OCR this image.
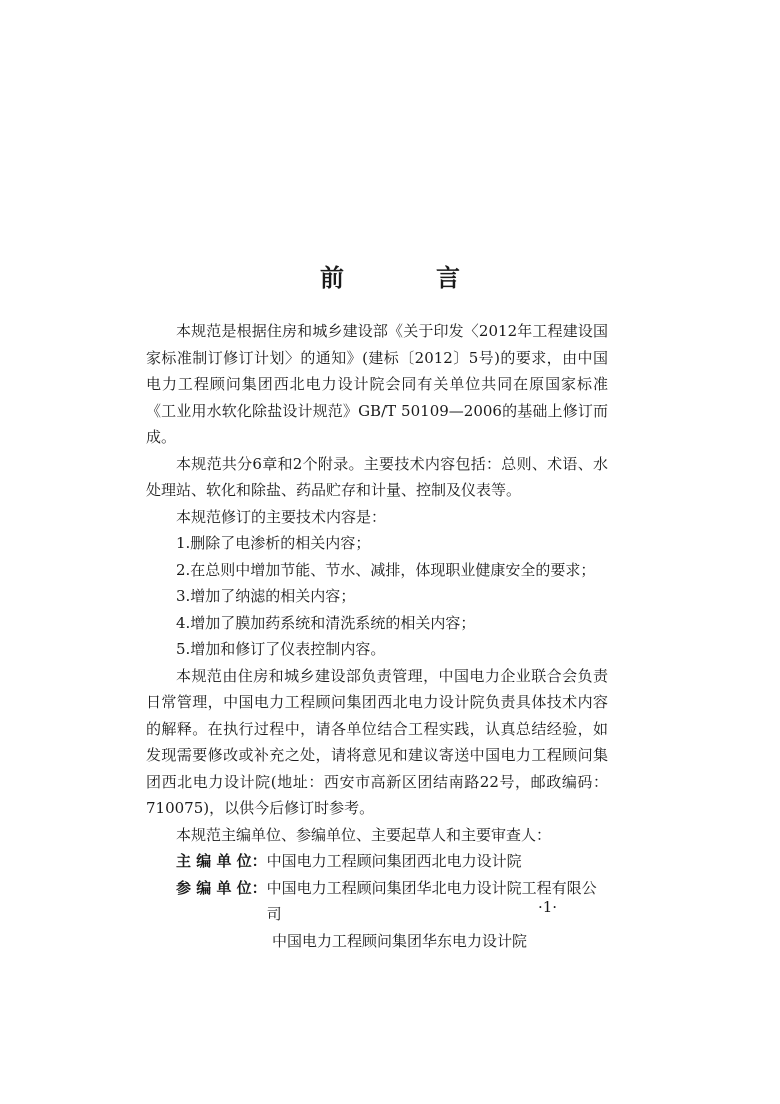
前　言

本规范是根据住房和城乡建设部《关于印发〈2012年工程建设国家标准制订修订计划〉的通知》(建标〔2012〕5号)的要求，由中国电力工程顾问集团西北电力设计院会同有关单位共同在原国家标准《工业用水软化除盐设计规范》GB/T 50109—2006的基础上修订而成。

本规范共分6章和2个附录。主要技术内容包括：总则、术语、水处理站、软化和除盐、药品贮存和计量、控制及仪表等。

本规范修订的主要技术内容是：

1.删除了电渗析的相关内容；

2.在总则中增加节能、节水、减排，体现职业健康安全的要求；

3.增加了纳滤的相关内容；

4.增加了膜加药系统和清洗系统的相关内容；

5.增加和修订了仪表控制内容。

本规范由住房和城乡建设部负责管理，中国电力企业联合会负责日常管理，中国电力工程顾问集团西北电力设计院负责具体技术内容的解释。在执行过程中，请各单位结合工程实践，认真总结经验，如发现需要修改或补充之处，请将意见和建议寄送中国电力工程顾问集团西北电力设计院(地址：西安市高新区团结南路22号，邮政编码：710075)，以供今后修订时参考。

本规范主编单位、参编单位、主要起草人和主要审查人：

主 编 单 位： 中国电力工程顾问集团西北电力设计院
参 编 单 位： 中国电力工程顾问集团华北电力设计院工程有限公司

中国电力工程顾问集团华东电力设计院

·1·
